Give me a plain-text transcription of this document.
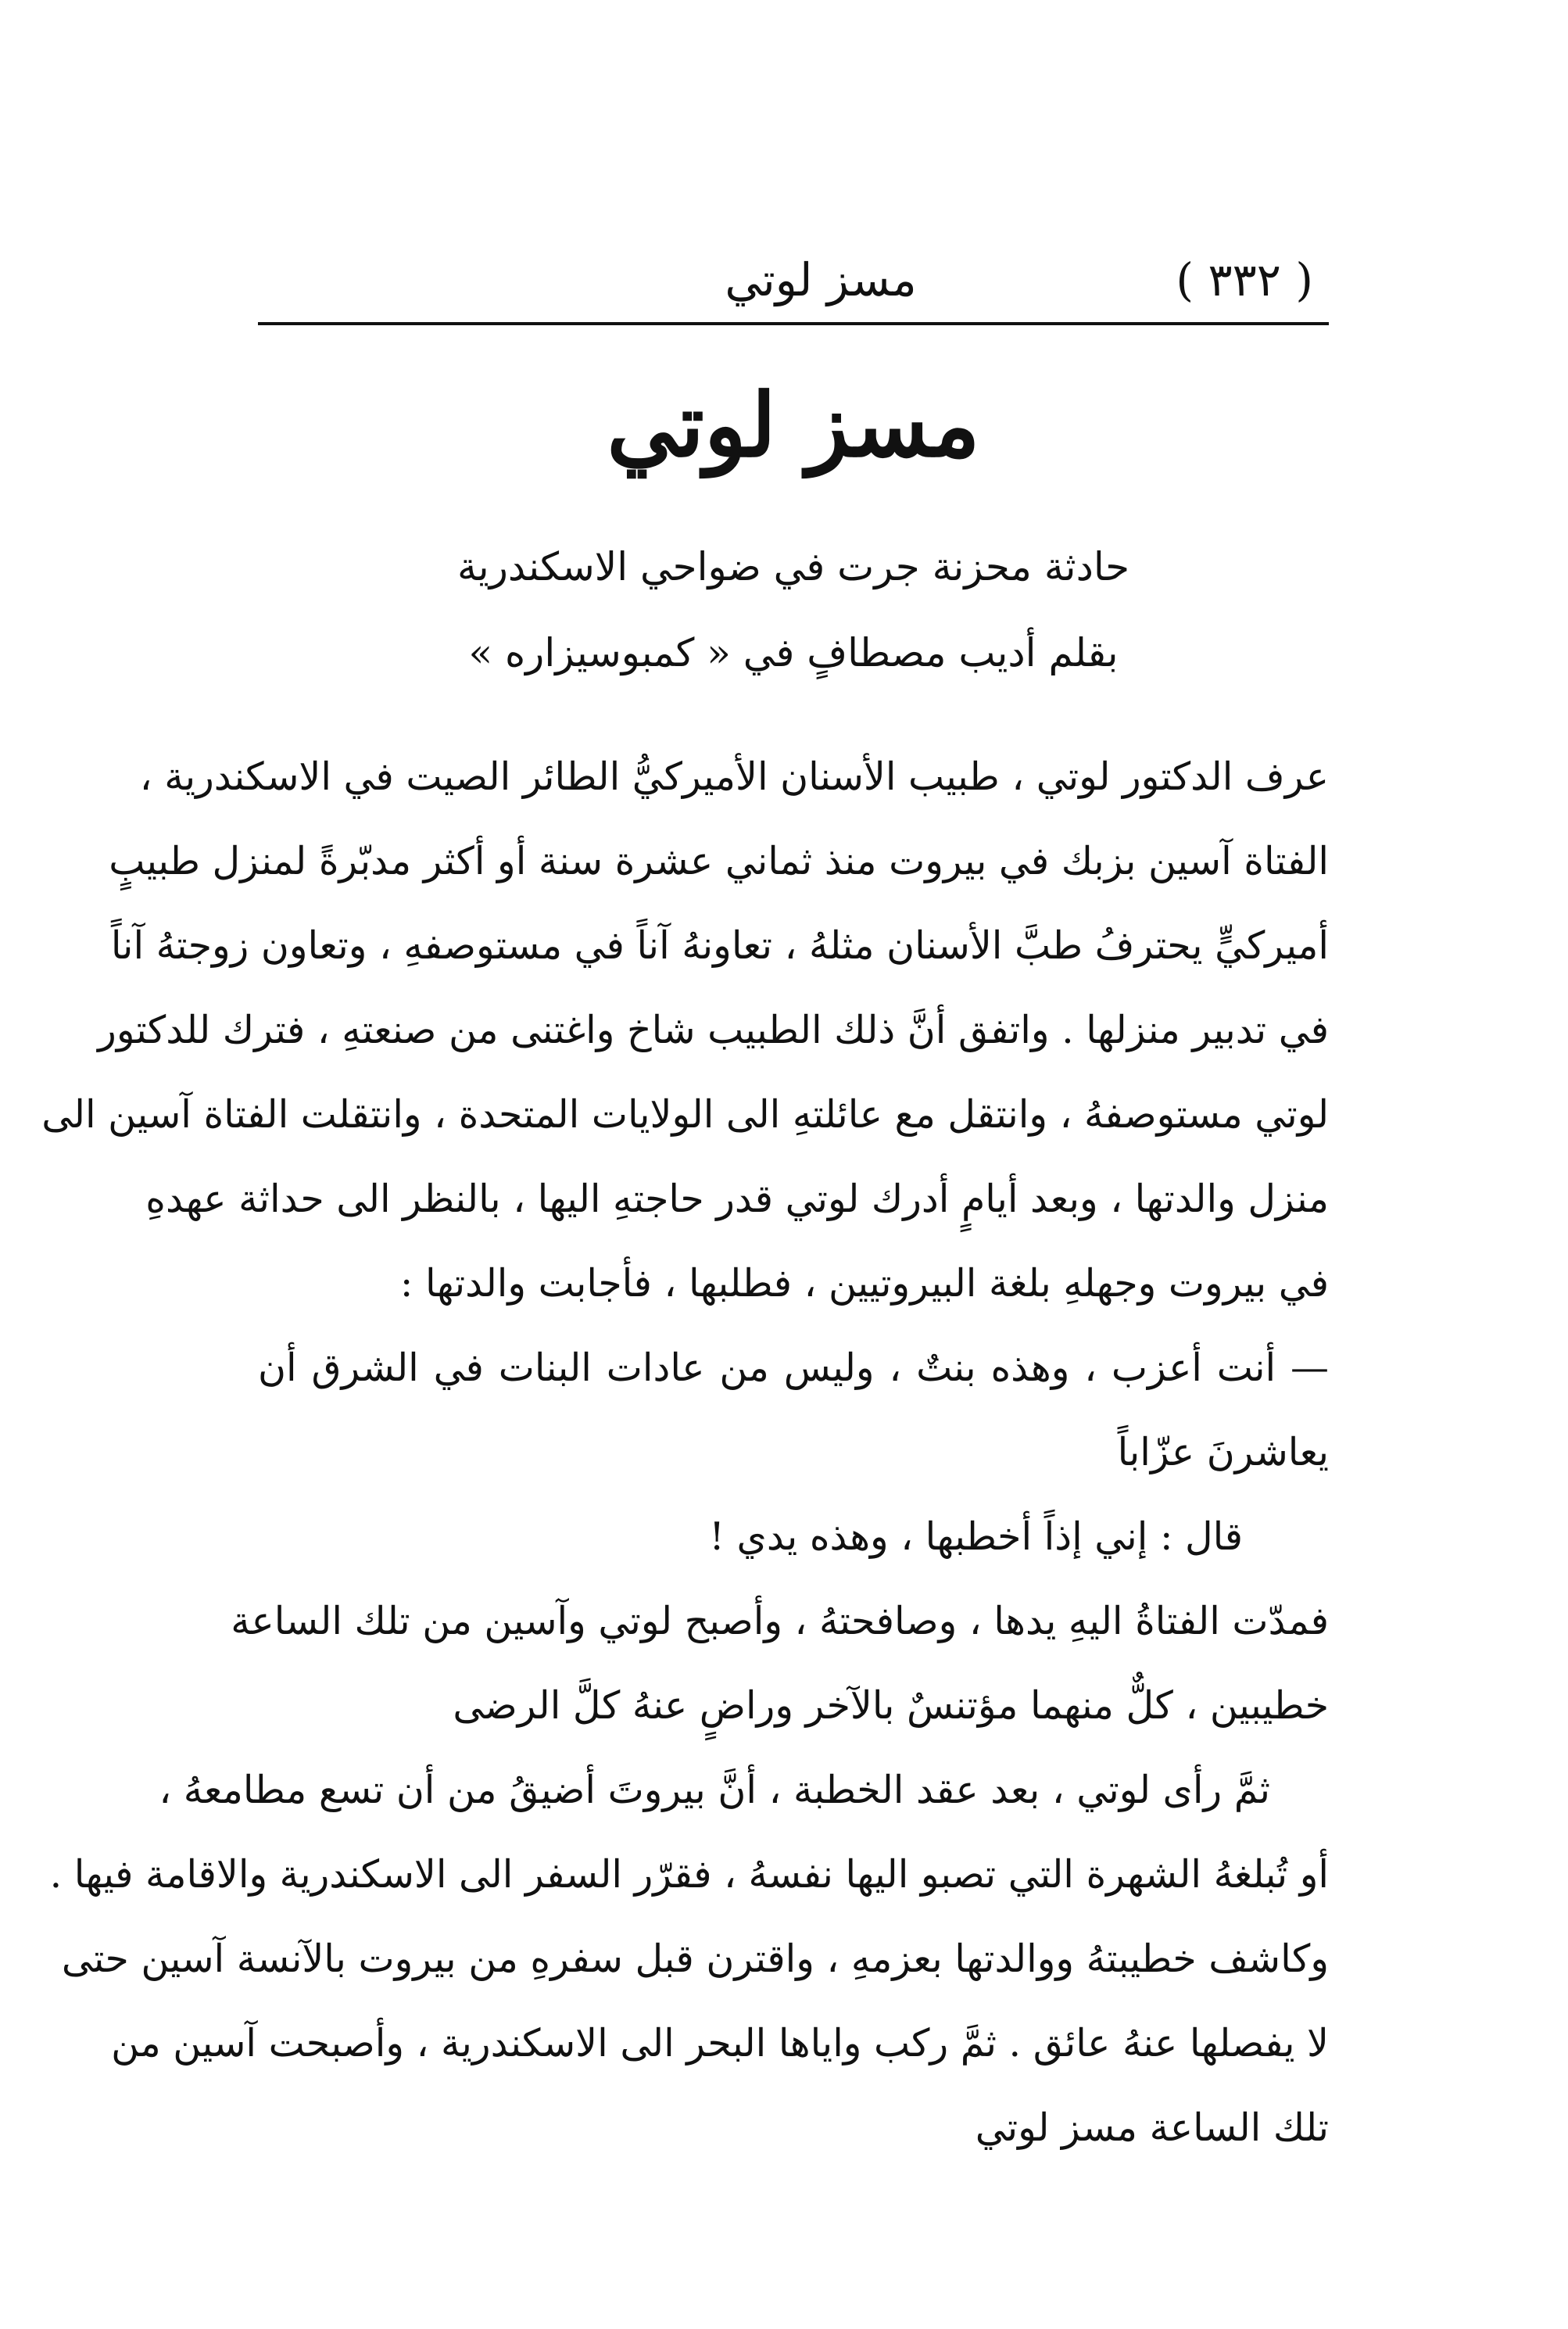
( ٣٣٢ )
مسز لوتي
مسز لوتي
حادثة محزنة جرت في ضواحي الاسكندرية
بقلم أديب مصطافٍ في « كمبوسيزاره »
عرف الدكتور لوتي ، طبيب الأسنان الأميركيُّ الطائر الصيت في الاسكندرية ،
الفتاة آسين بزبك في بيروت منذ ثماني عشرة سنة أو أكثر مدبّرةً لمنزل طبيبٍ
أميركيٍّ يحترفُ طبَّ الأسنان مثلهُ ، تعاونهُ آناً في مستوصفهِ ، وتعاون زوجتهُ آناً
في تدبير منزلها . واتفق أنَّ ذلك الطبيب شاخ واغتنى من صنعتهِ ، فترك للدكتور
لوتي مستوصفهُ ، وانتقل مع عائلتهِ الى الولايات المتحدة ، وانتقلت الفتاة آسين الى
منزل والدتها ، وبعد أيامٍ أدرك لوتي قدر حاجتهِ اليها ، بالنظر الى حداثة عهدهِ
في بيروت وجهلهِ بلغة البيروتيين ، فطلبها ، فأجابت والدتها :
— أنت أعزب ، وهذه بنتٌ ، وليس من عادات البنات في الشرق أن
يعاشرنَ عزّاباً
قال : إني إذاً أخطبها ، وهذه يدي !
فمدّت الفتاةُ اليهِ يدها ، وصافحتهُ ، وأصبح لوتي وآسين من تلك الساعة
خطيبين ، كلٌّ منهما مؤتنسٌ بالآخر وراضٍ عنهُ كلَّ الرضى
ثمَّ رأى لوتي ، بعد عقد الخطبة ، أنَّ بيروتَ أضيقُ من أن تسع مطامعهُ ،
أو تُبلغهُ الشهرة التي تصبو اليها نفسهُ ، فقرّر السفر الى الاسكندرية والاقامة فيها .
وكاشف خطيبتهُ ووالدتها بعزمهِ ، واقترن قبل سفرهِ من بيروت بالآنسة آسين حتى
لا يفصلها عنهُ عائق . ثمَّ ركب واياها البحر الى الاسكندرية ، وأصبحت آسين من
تلك الساعة مسز لوتي
